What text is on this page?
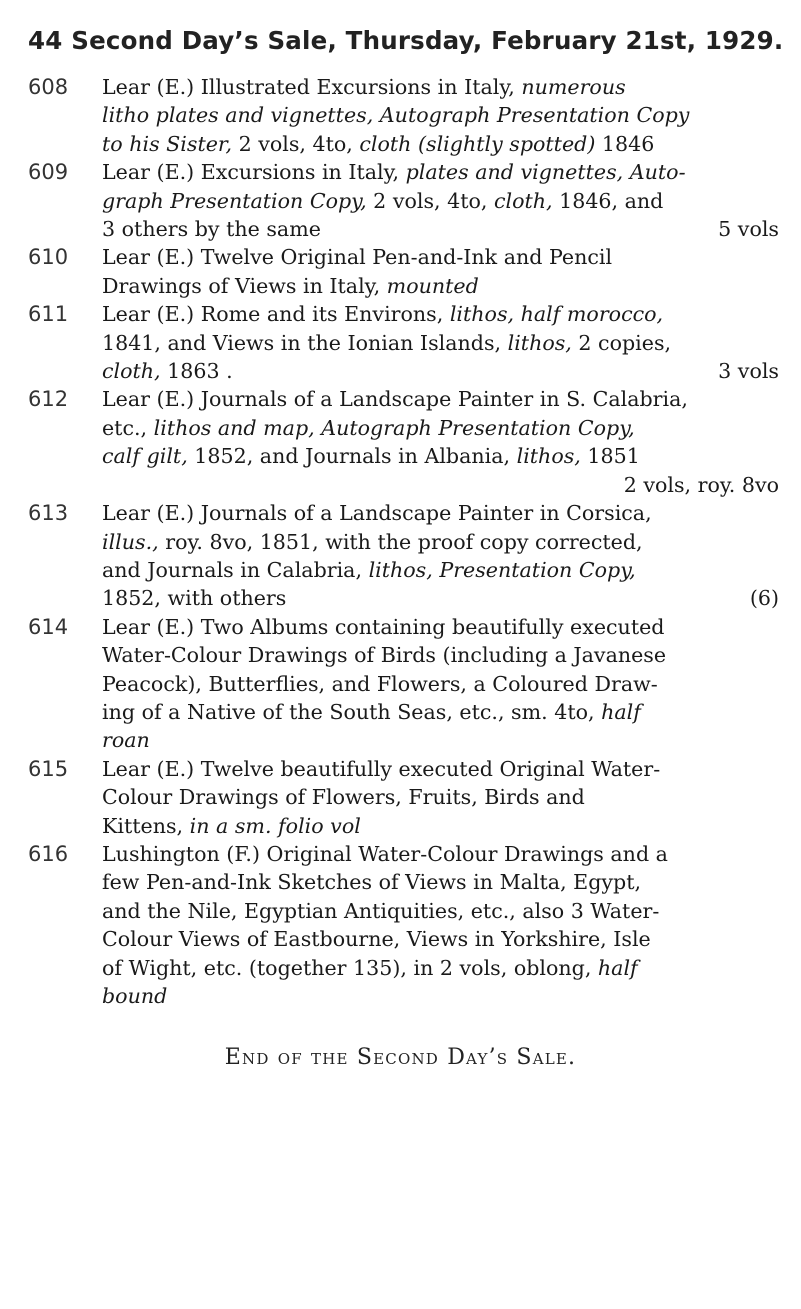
44 Second Day’s Sale, Thursday, February 21st, 1929.
608	Lear (E.) Illustrated Excursions in Italy, numerous
litho plates and vignettes, Autograph Presentation Copy
to his Sister, 2 vols, 4to, cloth (slightly spotted) 1846
609	Lear (E.) Excursions in Italy, plates and vignettes, Auto-
graph Presentation Copy, 2 vols, 4to, cloth, 1846, and
3 others by the same	5 vols
610	Lear (E.) Twelve Original Pen-and-Ink and Pencil
Drawings of Views in Italy, mounted
611	Lear (E.) Rome and its Environs, lithos, half morocco,
1841, and Views in the Ionian Islands, lithos, 2 copies,
cloth, 1863 .	3 vols
612	Lear (E.) Journals of a Landscape Painter in S. Calabria,
etc., lithos and map, Autograph Presentation Copy,
calf gilt, 1852, and Journals in Albania, lithos, 1851
2 vols, roy. 8vo
613	Lear (E.) Journals of a Landscape Painter in Corsica,
illus., roy. 8vo, 1851, with the proof copy corrected,
and Journals in Calabria, lithos, Presentation Copy,
1852, with others	(6)
614	Lear (E.) Two Albums containing beautifully executed
Water-Colour Drawings of Birds (including a Javanese
Peacock), Butterflies, and Flowers, a Coloured Draw-
ing of a Native of the South Seas, etc., sm. 4to, half
roan
615	Lear (E.) Twelve beautifully executed Original Water-
Colour Drawings of Flowers, Fruits, Birds and
Kittens, in a sm. folio vol
616	Lushington (F.) Original Water-Colour Drawings and a
few Pen-and-Ink Sketches of Views in Malta, Egypt,
and the Nile, Egyptian Antiquities, etc., also 3 Water-
Colour Views of Eastbourne, Views in Yorkshire, Isle
of Wight, etc. (together 135), in 2 vols, oblong, half
bound
End of the Second Day’s Sale.
